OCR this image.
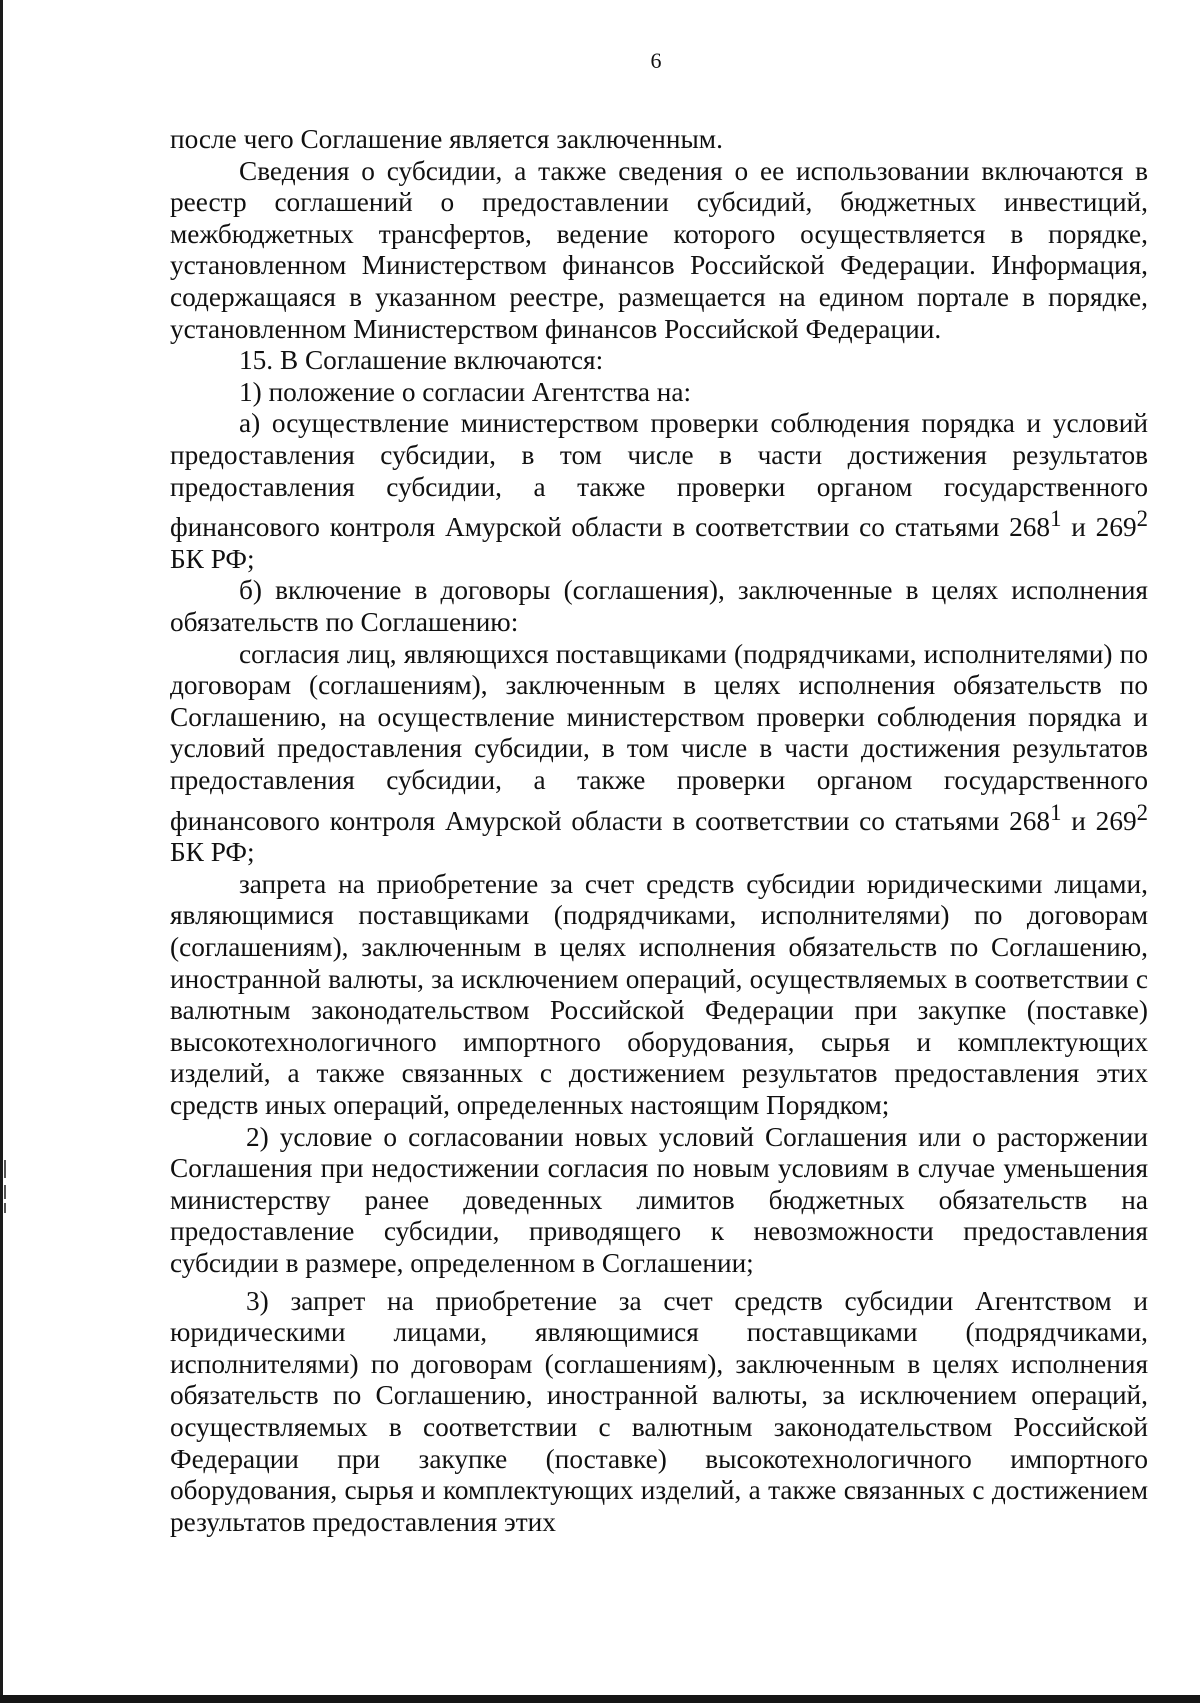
6

после чего Соглашение является заключенным.

Сведения о субсидии, а также сведения о ее использовании включаются в реестр соглашений о предоставлении субсидий, бюджетных инвестиций, межбюджетных трансфертов, ведение которого осуществляется в порядке, установленном Министерством финансов Российской Федерации. Информация, содержащаяся в указанном реестре, размещается на едином портале в порядке, установленном Министерством финансов Российской Федерации.

15. В Соглашение включаются:

1) положение о согласии Агентства на:

а) осуществление министерством проверки соблюдения порядка и условий предоставления субсидии, в том числе в части достижения результатов предоставления субсидии, а также проверки органом государственного финансового контроля Амурской области в соответствии со статьями $268^1$ и $269^2$ БК РФ;

б) включение в договоры (соглашения), заключенные в целях исполнения обязательств по Соглашению:

согласия лиц, являющихся поставщиками (подрядчиками, исполнителями) по договорам (соглашениям), заключенным в целях исполнения обязательств по Соглашению, на осуществление министерством проверки соблюдения порядка и условий предоставления субсидии, в том числе в части достижения результатов предоставления субсидии, а также проверки органом государственного финансового контроля Амурской области в соответствии со статьями $268^1$ и $269^2$ БК РФ;

запрета на приобретение за счет средств субсидии юридическими лицами, являющимися поставщиками (подрядчиками, исполнителями) по договорам (соглашениям), заключенным в целях исполнения обязательств по Соглашению, иностранной валюты, за исключением операций, осуществляемых в соответствии с валютным законодательством Российской Федерации при закупке (поставке) высокотехнологичного импортного оборудования, сырья и комплектующих изделий, а также связанных с достижением результатов предоставления этих средств иных операций, определенных настоящим Порядком;

2) условие о согласовании новых условий Соглашения или о расторжении Соглашения при недостижении согласия по новым условиям в случае уменьшения министерству ранее доведенных лимитов бюджетных обязательств на предоставление субсидии, приводящего к невозможности предоставления субсидии в размере, определенном в Соглашении;

3) запрет на приобретение за счет средств субсидии Агентством и юридическими лицами, являющимися поставщиками (подрядчиками, исполнителями) по договорам (соглашениям), заключенным в целях исполнения обязательств по Соглашению, иностранной валюты, за исключением операций, осуществляемых в соответствии с валютным законодательством Российской Федерации при закупке (поставке) высокотехнологичного импортного оборудования, сырья и комплектующих изделий, а также связанных с достижением результатов предоставления этих
